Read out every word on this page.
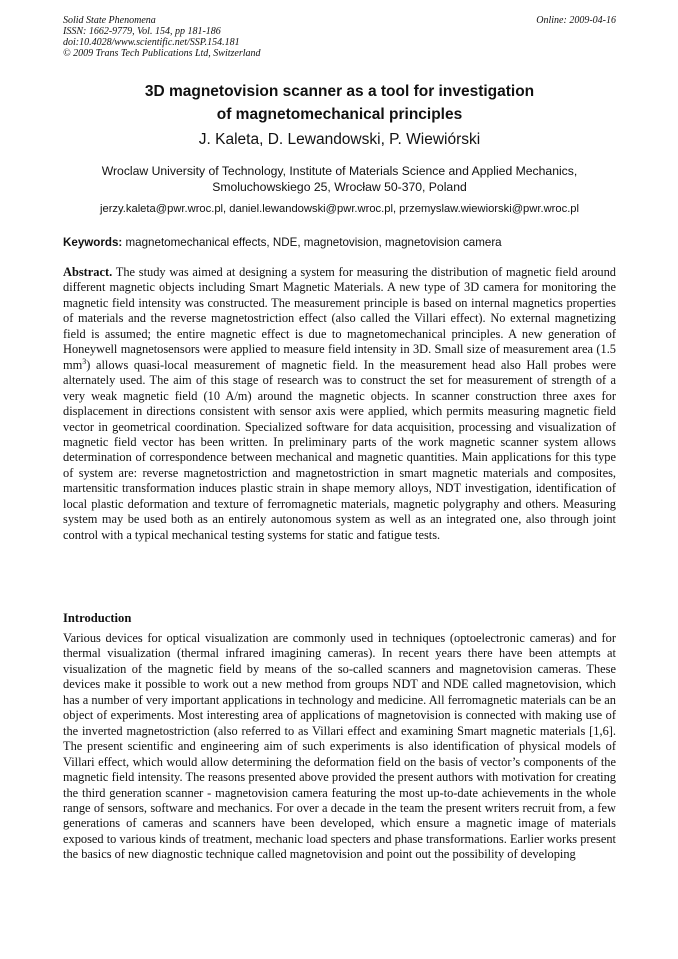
Solid State Phenomena
ISSN: 1662-9779, Vol. 154, pp 181-186
doi:10.4028/www.scientific.net/SSP.154.181
© 2009 Trans Tech Publications Ltd, Switzerland
Online: 2009-04-16
3D magnetovision scanner as a tool for investigation
of magnetomechanical principles
J. Kaleta, D. Lewandowski, P. Wiewiórski
Wroclaw University of Technology, Institute of Materials Science and Applied Mechanics,
Smoluchowskiego 25, Wrocław 50-370, Poland
jerzy.kaleta@pwr.wroc.pl, daniel.lewandowski@pwr.wroc.pl, przemyslaw.wiewiorski@pwr.wroc.pl
Keywords: magnetomechanical effects, NDE, magnetovision, magnetovision camera
Abstract. The study was aimed at designing a system for measuring the distribution of magnetic field around different magnetic objects including Smart Magnetic Materials. A new type of 3D camera for monitoring the magnetic field intensity was constructed. The measurement principle is based on internal magnetics properties of materials and the reverse magnetostriction effect (also called the Villari effect). No external magnetizing field is assumed; the entire magnetic effect is due to magnetomechanical principles. A new generation of Honeywell magnetosensors were applied to measure field intensity in 3D. Small size of measurement area (1.5 $mm^3$) allows quasi-local measurement of magnetic field. In the measurement head also Hall probes were alternately used. The aim of this stage of research was to construct the set for measurement of strength of a very weak magnetic field (10 A/m) around the magnetic objects. In scanner construction three axes for displacement in directions consistent with sensor axis were applied, which permits measuring magnetic field vector in geometrical coordination. Specialized software for data acquisition, processing and visualization of magnetic field vector has been written. In preliminary parts of the work magnetic scanner system allows determination of correspondence between mechanical and magnetic quantities. Main applications for this type of system are: reverse magnetostriction and magnetostriction in smart magnetic materials and composites, martensitic transformation induces plastic strain in shape memory alloys, NDT investigation, identification of local plastic deformation and texture of ferromagnetic materials, magnetic polygraphy and others. Measuring system may be used both as an entirely autonomous system as well as an integrated one, also through joint control with a typical mechanical testing systems for static and fatigue tests.
Introduction
Various devices for optical visualization are commonly used in techniques (optoelectronic cameras) and for thermal visualization (thermal infrared imagining cameras). In recent years there have been attempts at visualization of the magnetic field by means of the so-called scanners and magnetovision cameras. These devices make it possible to work out a new method from groups NDT and NDE called magnetovision, which has a number of very important applications in technology and medicine. All ferromagnetic materials can be an object of experiments. Most interesting area of applications of magnetovision is connected with making use of the inverted magnetostriction (also referred to as Villari effect and examining Smart magnetic materials [1,6]. The present scientific and engineering aim of such experiments is also identification of physical models of Villari effect, which would allow determining the deformation field on the basis of vector’s components of the magnetic field intensity. The reasons presented above provided the present authors with motivation for creating the third generation scanner - magnetovision camera featuring the most up-to-date achievements in the whole range of sensors, software and mechanics. For over a decade in the team the present writers recruit from, a few generations of cameras and scanners have been developed, which ensure a magnetic image of materials exposed to various kinds of treatment, mechanic load specters and phase transformations. Earlier works present the basics of new diagnostic technique called magnetovision and point out the possibility of developing
